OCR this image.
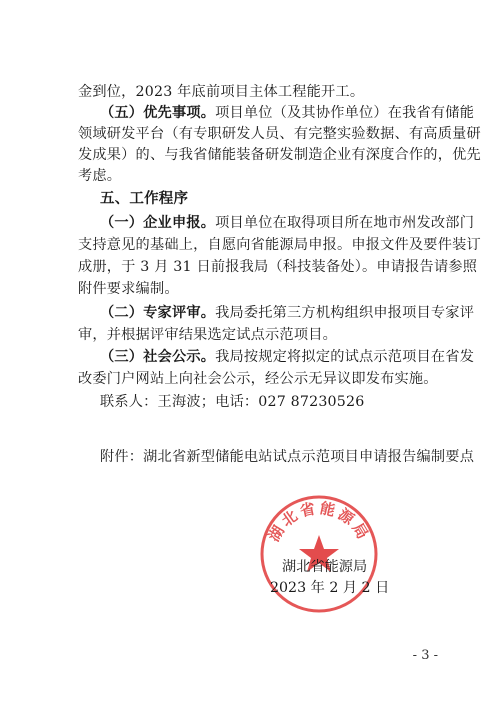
金到位，2023 年底前项目主体工程能开工。
（五）优先事项。项目单位（及其协作单位）在我省有储能
领域研发平台（有专职研发人员、有完整实验数据、有高质量研
发成果）的、与我省储能装备研发制造企业有深度合作的，优先
考虑。
五、工作程序
（一）企业申报。项目单位在取得项目所在地市州发改部门
支持意见的基础上，自愿向省能源局申报。申报文件及要件装订
成册，于 3 月 31 日前报我局（科技装备处）。申请报告请参照
附件要求编制。
（二）专家评审。我局委托第三方机构组织申报项目专家评
审，并根据评审结果选定试点示范项目。
（三）社会公示。我局按规定将拟定的试点示范项目在省发
改委门户网站上向社会公示，经公示无异议即发布实施。
联系人：王海波；电话：027 87230526
附件：湖北省新型储能电站试点示范项目申请报告编制要点
湖北省能源局
湖北省能源局
2023 年 2 月 2 日
- 3 -
